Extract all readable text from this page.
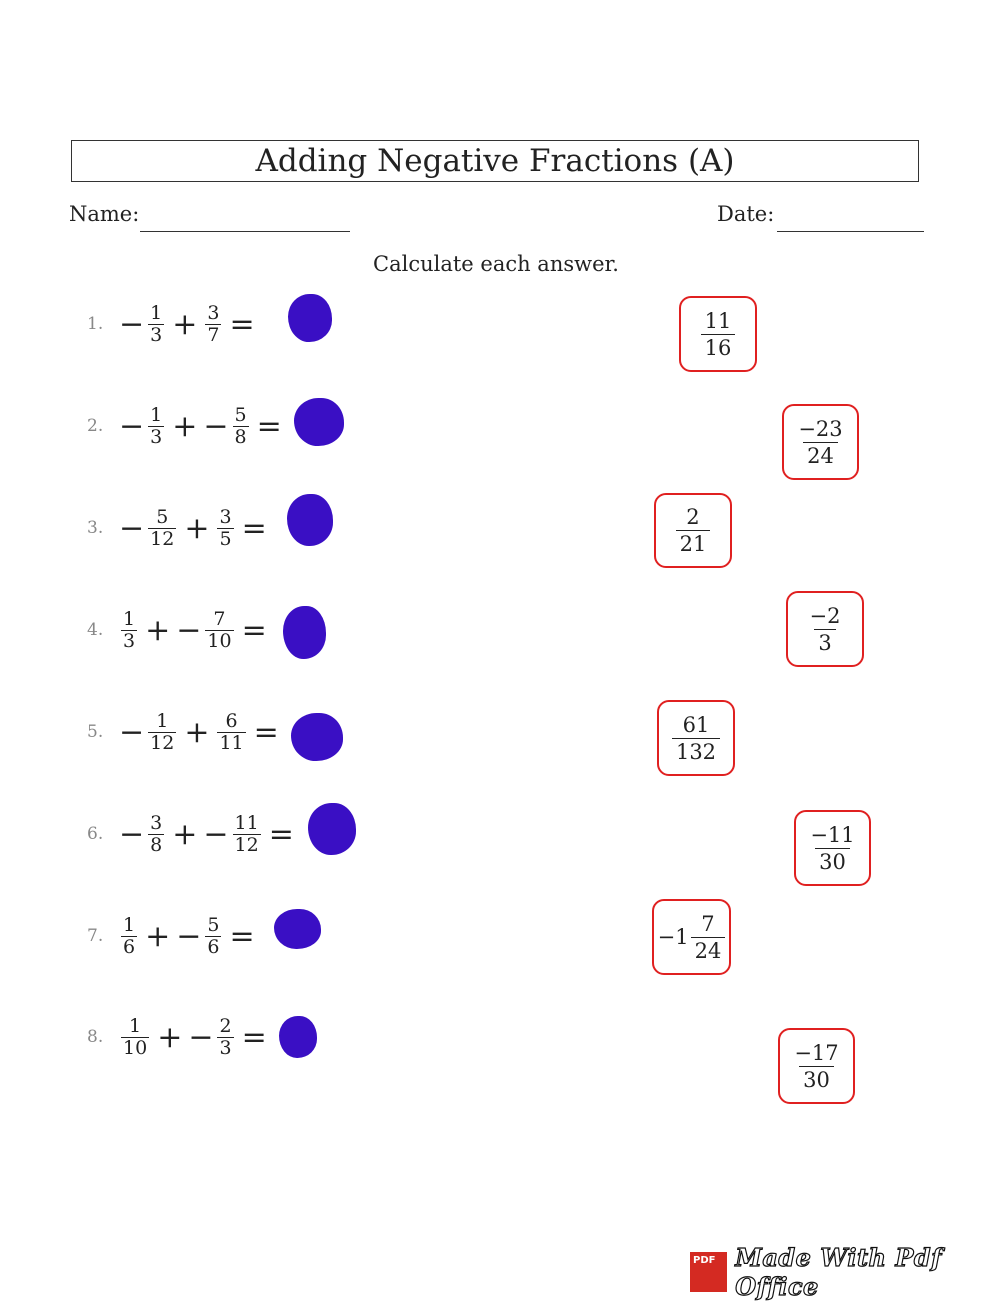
Adding Negative Fractions (A)
Name:	Date:
Calculate each answer.
1. − $\frac{1}{3} + \frac{3}{7}$ =
2. − $\frac{1}{3}$ + − $\frac{5}{8}$ =
3. − $\frac{5}{12} + \frac{3}{5}$ =
4. $\frac{1}{3}$ + − $\frac{7}{10}$ =
5. − $\frac{1}{12} + \frac{6}{11}$ =
6. − $\frac{3}{8}$ + − $\frac{11}{12}$ =
7. $\frac{1}{6}$ + − $\frac{5}{6}$ =
8. $\frac{1}{10}$ + − $\frac{2}{3}$ =
$\frac{11}{16}$
$\frac{-23}{24}$
$\frac{2}{21}$
$\frac{-2}{3}$
$\frac{61}{132}$
$\frac{-11}{30}$
$-1 \frac{7}{24}$
$\frac{-17}{30}$
PDF Made With Pdf Office
